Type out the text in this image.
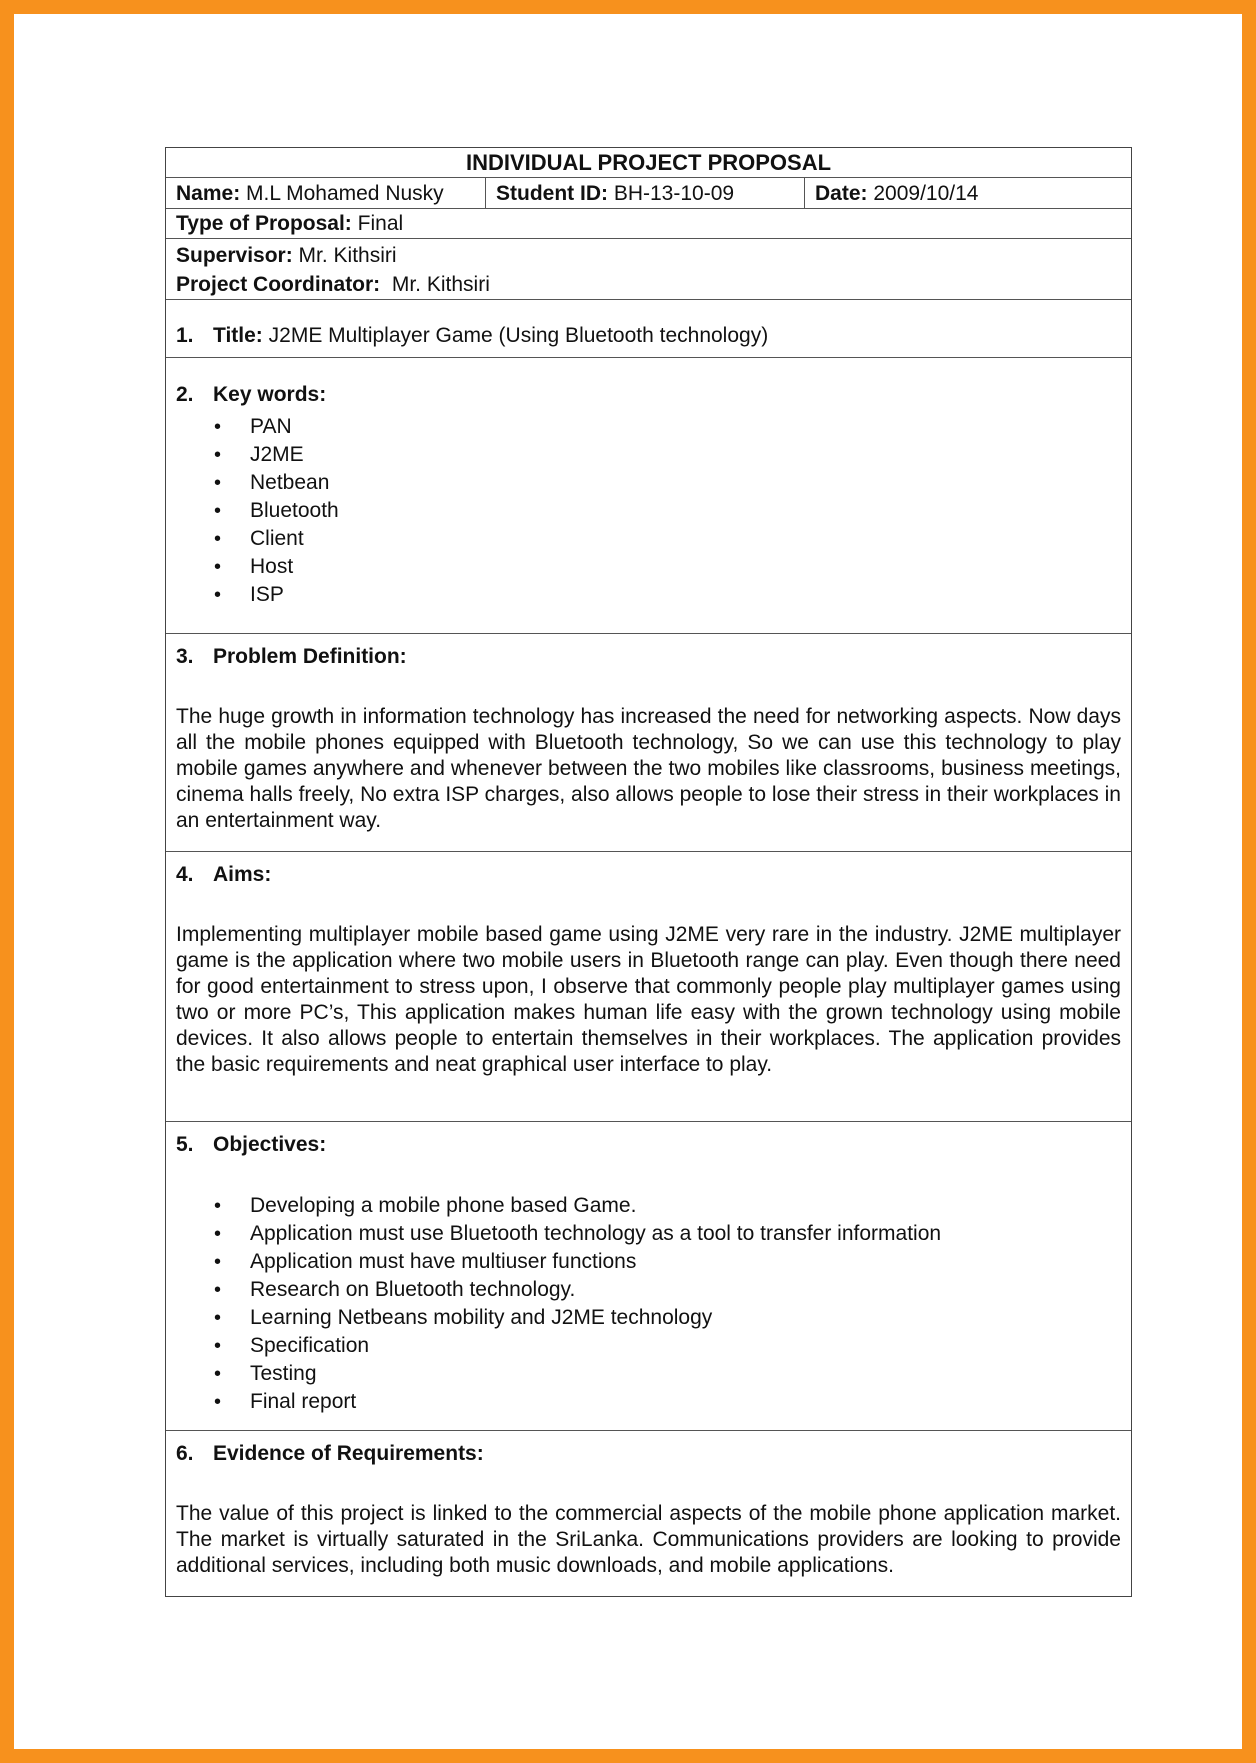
INDIVIDUAL PROJECT PROPOSAL
Name: M.L Mohamed Nusky	Student ID: BH-13-10-09	Date: 2009/10/14
Type of Proposal: Final
Supervisor: Mr. Kithsiri
Project Coordinator: Mr. Kithsiri
1. Title: J2ME Multiplayer Game (Using Bluetooth technology)
2. Key words:
• PAN
• J2ME
• Netbean
• Bluetooth
• Client
• Host
• ISP
3. Problem Definition:

The huge growth in information technology has increased the need for networking aspects. Now days all the mobile phones equipped with Bluetooth technology, So we can use this technology to play mobile games anywhere and whenever between the two mobiles like classrooms, business meetings, cinema halls freely, No extra ISP charges, also allows people to lose their stress in their workplaces in an entertainment way.

4. Aims:

Implementing multiplayer mobile based game using J2ME very rare in the industry. J2ME multiplayer game is the application where two mobile users in Bluetooth range can play. Even though there need for good entertainment to stress upon, I observe that commonly people play multiplayer games using two or more PC’s, This application makes human life easy with the grown technology using mobile devices. It also allows people to entertain themselves in their workplaces. The application provides the basic requirements and neat graphical user interface to play.

5. Objectives:
• Developing a mobile phone based Game.
• Application must use Bluetooth technology as a tool to transfer information
• Application must have multiuser functions
• Research on Bluetooth technology.
• Learning Netbeans mobility and J2ME technology
• Specification
• Testing
• Final report
6. Evidence of Requirements:

The value of this project is linked to the commercial aspects of the mobile phone application market. The market is virtually saturated in the SriLanka. Communications providers are looking to provide additional services, including both music downloads, and mobile applications.
